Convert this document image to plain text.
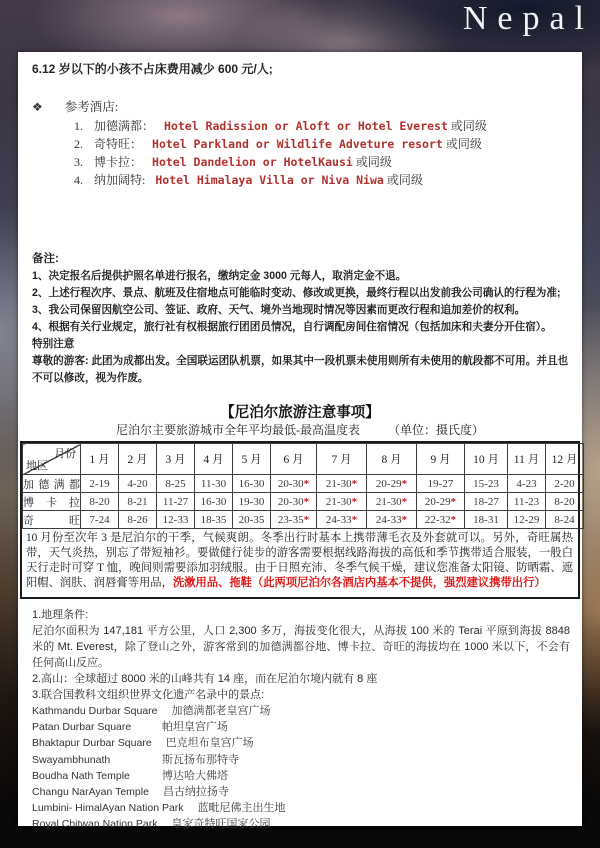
Nepal
6.12 岁以下的小孩不占床费用减少 600 元/人;
❖ 参考酒店:
1. 加德满都： Hotel Radission or Aloft or Hotel Everest 或同级
2. 奇特旺： Hotel Parkland or Wildlife Adveture resort 或同级
3. 博卡拉： Hotel Dandelion or HotelKausi 或同级
4. 纳加阔特: Hotel Himalaya Villa or Niva Niwa 或同级
备注:
1、决定报名后提供护照名单进行报名，缴纳定金 3000 元每人，取消定金不退。
2、上述行程次序、景点、航班及住宿地点可能临时变动、修改或更换，最终行程以出发前我公司确认的行程为准;
3、我公司保留因航空公司、签证、政府、天气、境外当地现时情况等因素而更改行程和追加差价的权利。
4、根据有关行业规定，旅行社有权根据旅行团团员情况，自行调配房间住宿情况（包括加床和夫妻分开住宿）。
特别注意
尊敬的游客: 此团为成都出发。全国联运团队机票，如果其中一段机票未使用则所有未使用的航段都不可用。并且也不可以修改，视为作废。
【尼泊尔旅游注意事项】
尼泊尔主要旅游城市全年平均最低-最高温度表 （单位：摄氏度）
月份
地区	1 月	2 月	3 月	4 月	5 月	6 月	7 月	8 月	9 月	10 月	11 月	12 月
加德满都	2-19	4-20	8-25	11-30	16-30	20-30*	21-30*	20-29*	19-27	15-23	4-23	2-20
博卡拉	8-20	8-21	11-27	16-30	19-30	20-30*	21-30*	21-30*	20-29*	18-27	11-23	8-20
奇旺	7-24	8-26	12-33	18-35	20-35	23-35*	24-33*	24-33*	22-32*	18-31	12-29	8-24
10 月份至次年 3 是尼泊尔的干季，气候爽朗。冬季出行时基本上携带薄毛衣及外套就可以。另外，奇旺属热带，天气炎热，别忘了带短袖衫。要做健行徒步的游客需要根据线路海拔的高低和季节携带适合服装，一般白天行走时可穿 T 恤，晚间则需要添加羽绒服。由于日照充沛、冬季气候干燥，建议您准备太阳镜、防晒霜、遮阳帽、润肤、润唇膏等用品，洗漱用品、拖鞋（此两项尼泊尔各酒店内基本不提供，强烈建议携带出行）
1.地理条件:
尼泊尔面积为 147,181 平方公里，人口 2,300 多万，海拔变化很大，从海拔 100 米的 Terai 平原到海拔 8848 米的 Mt. Everest，除了登山之外，游客常到的加德满都谷地、博卡拉、奇旺的海拔均在 1000 米以下，不会有任何高山反应。
2.高山：全球超过 8000 米的山峰共有 14 座，而在尼泊尔境内就有 8 座
3.联合国教科文组织世界文化遗产名录中的景点:
Kathmandu Durbar Square	加德满都老皇宫广场
Patan Durbar Square	帕坦皇宫广场
Bhaktapur Durbar Square	巴克坦布皇宫广场
Swayambhunath	斯瓦扬布那特寺
Boudha Nath Temple	博达哈大佛塔
Changu NarAyan Temple	昌古纳拉扬寺
Lumbini- HimalAyan Nation Park	蓝毗尼佛主出生地
Royal Chitwan Nation Park	皇家奇特旺国家公园
